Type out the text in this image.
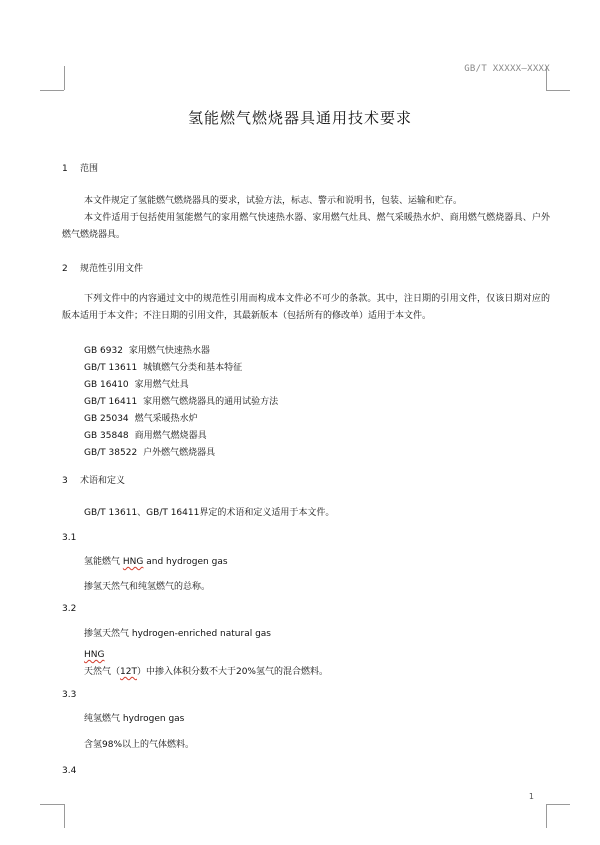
GB/T XXXXX—XXXX
氢能燃气燃烧器具通用技术要求
1 范围
本文件规定了氢能燃气燃烧器具的要求，试验方法，标志、警示和说明书，包装、运输和贮存。
本文件适用于包括使用氢能燃气的家用燃气快速热水器、家用燃气灶具、燃气采暖热水炉、商用燃气燃烧器具、户外燃气燃烧器具。
2 规范性引用文件
下列文件中的内容通过文中的规范性引用而构成本文件必不可少的条款。其中，注日期的引用文件，仅该日期对应的版本适用于本文件；不注日期的引用文件，其最新版本（包括所有的修改单）适用于本文件。
GB 6932 家用燃气快速热水器
GB/T 13611 城镇燃气分类和基本特征
GB 16410 家用燃气灶具
GB/T 16411 家用燃气燃烧器具的通用试验方法
GB 25034 燃气采暖热水炉
GB 35848 商用燃气燃烧器具
GB/T 38522 户外燃气燃烧器具
3 术语和定义
GB/T 13611、GB/T 16411界定的术语和定义适用于本文件。
3.1
氢能燃气 HNG and hydrogen gas
掺氢天然气和纯氢燃气的总称。
3.2
掺氢天然气 hydrogen-enriched natural gas
HNG
天然气（12T）中掺入体积分数不大于20%氢气的混合燃料。
3.3
纯氢燃气 hydrogen gas
含氢98%以上的气体燃料。
3.4
1
